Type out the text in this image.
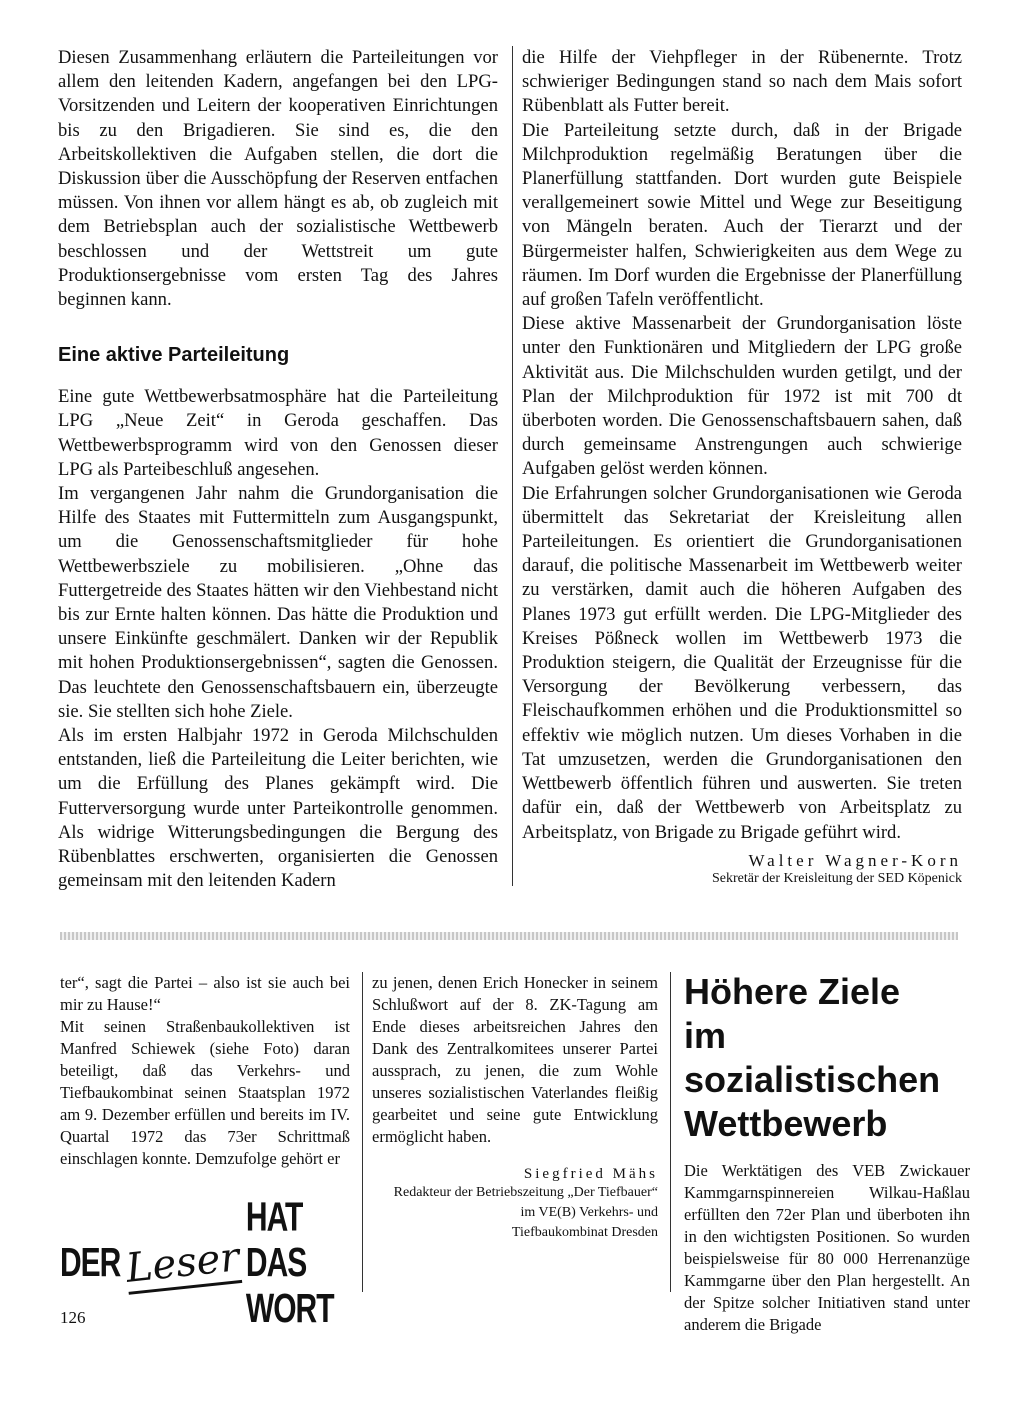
Diesen Zusammenhang erläutern die Parteileitungen vor allem den leitenden Kadern, angefangen bei den LPG-Vorsitzenden und Leitern der kooperativen Einrichtungen bis zu den Brigadieren. Sie sind es, die den Arbeitskollektiven die Aufgaben stellen, die dort die Diskussion über die Ausschöpfung der Reserven entfachen müssen. Von ihnen vor allem hängt es ab, ob zugleich mit dem Betriebsplan auch der sozialistische Wettbewerb beschlossen und der Wettstreit um gute Produktionsergebnisse vom ersten Tag des Jahres beginnen kann.

Eine aktive Parteileitung

Eine gute Wettbewerbsatmosphäre hat die Parteileitung LPG „Neue Zeit“ in Geroda geschaffen. Das Wettbewerbsprogramm wird von den Genossen dieser LPG als Parteibeschluß angesehen.

Im vergangenen Jahr nahm die Grundorganisation die Hilfe des Staates mit Futtermitteln zum Ausgangspunkt, um die Genossenschaftsmitglieder für hohe Wettbewerbsziele zu mobilisieren. „Ohne das Futtergetreide des Staates hätten wir den Viehbestand nicht bis zur Ernte halten können. Das hätte die Produktion und unsere Einkünfte geschmälert. Danken wir der Republik mit hohen Produktionsergebnissen“, sagten die Genossen. Das leuchtete den Genossenschaftsbauern ein, überzeugte sie. Sie stellten sich hohe Ziele.

Als im ersten Halbjahr 1972 in Geroda Milchschulden entstanden, ließ die Parteileitung die Leiter berichten, wie um die Erfüllung des Planes gekämpft wird. Die Futterversorgung wurde unter Parteikontrolle genommen. Als widrige Witterungsbedingungen die Bergung des Rübenblattes erschwerten, organisierten die Genossen gemeinsam mit den leitenden Kadern

die Hilfe der Viehpfleger in der Rübenernte. Trotz schwieriger Bedingungen stand so nach dem Mais sofort Rübenblatt als Futter bereit.

Die Parteileitung setzte durch, daß in der Brigade Milchproduktion regelmäßig Beratungen über die Planerfüllung stattfanden. Dort wurden gute Beispiele verallgemeinert sowie Mittel und Wege zur Beseitigung von Mängeln beraten. Auch der Tierarzt und der Bürgermeister halfen, Schwierigkeiten aus dem Wege zu räumen. Im Dorf wurden die Ergebnisse der Planerfüllung auf großen Tafeln veröffentlicht.

Diese aktive Massenarbeit der Grundorganisation löste unter den Funktionären und Mitgliedern der LPG große Aktivität aus. Die Milchschulden wurden getilgt, und der Plan der Milchproduktion für 1972 ist mit 700 dt überboten worden. Die Genossenschaftsbauern sahen, daß durch gemeinsame Anstrengungen auch schwierige Aufgaben gelöst werden können.

Die Erfahrungen solcher Grundorganisationen wie Geroda übermittelt das Sekretariat der Kreisleitung allen Parteileitungen. Es orientiert die Grundorganisationen darauf, die politische Massenarbeit im Wettbewerb weiter zu verstärken, damit auch die höheren Aufgaben des Planes 1973 gut erfüllt werden. Die LPG-Mitglieder des Kreises Pößneck wollen im Wettbewerb 1973 die Produktion steigern, die Qualität der Erzeugnisse für die Versorgung der Bevölkerung verbessern, das Fleischaufkommen erhöhen und die Produktionsmittel so effektiv wie möglich nutzen. Um dieses Vorhaben in die Tat umzusetzen, werden die Grundorganisationen den Wettbewerb öffentlich führen und auswerten. Sie treten dafür ein, daß der Wettbewerb von Arbeitsplatz zu Arbeitsplatz, von Brigade zu Brigade geführt wird.

Walter Wagner-Korn

Sekretär der Kreisleitung der SED Köpenick

ter“, sagt die Partei – also ist sie auch bei mir zu Hause!“

Mit seinen Straßenbaukollektiven ist Manfred Schiewek (siehe Foto) daran beteiligt, daß das Verkehrs- und Tiefbaukombinat seinen Staatsplan 1972 am 9. Dezember erfüllen und bereits im IV. Quartal 1972 das 73er Schrittmaß einschlagen konnte. Demzufolge gehört er

DER Leser
HAT DAS WORT

126

zu jenen, denen Erich Honecker in seinem Schlußwort auf der 8. ZK-Tagung am Ende dieses arbeitsreichen Jahres den Dank des Zentralkomitees unserer Partei aussprach, zu jenen, die zum Wohle unseres sozialistischen Vaterlandes fleißig gearbeitet und seine gute Entwicklung ermöglicht haben.

Siegfried Mähs

Redakteur der Betriebszeitung „Der Tiefbauer“
im VE(B) Verkehrs- und
Tiefbaukombinat Dresden

Höhere Ziele
im sozialistischen
Wettbewerb

Die Werktätigen des VEB Zwickauer Kammgarnspinnereien Wilkau-Haßlau erfüllten den 72er Plan und überboten ihn in den wichtigsten Positionen. So wurden beispielsweise für 80 000 Herrenanzüge Kammgarne über den Plan hergestellt. An der Spitze solcher Initiativen stand unter anderem die Brigade
